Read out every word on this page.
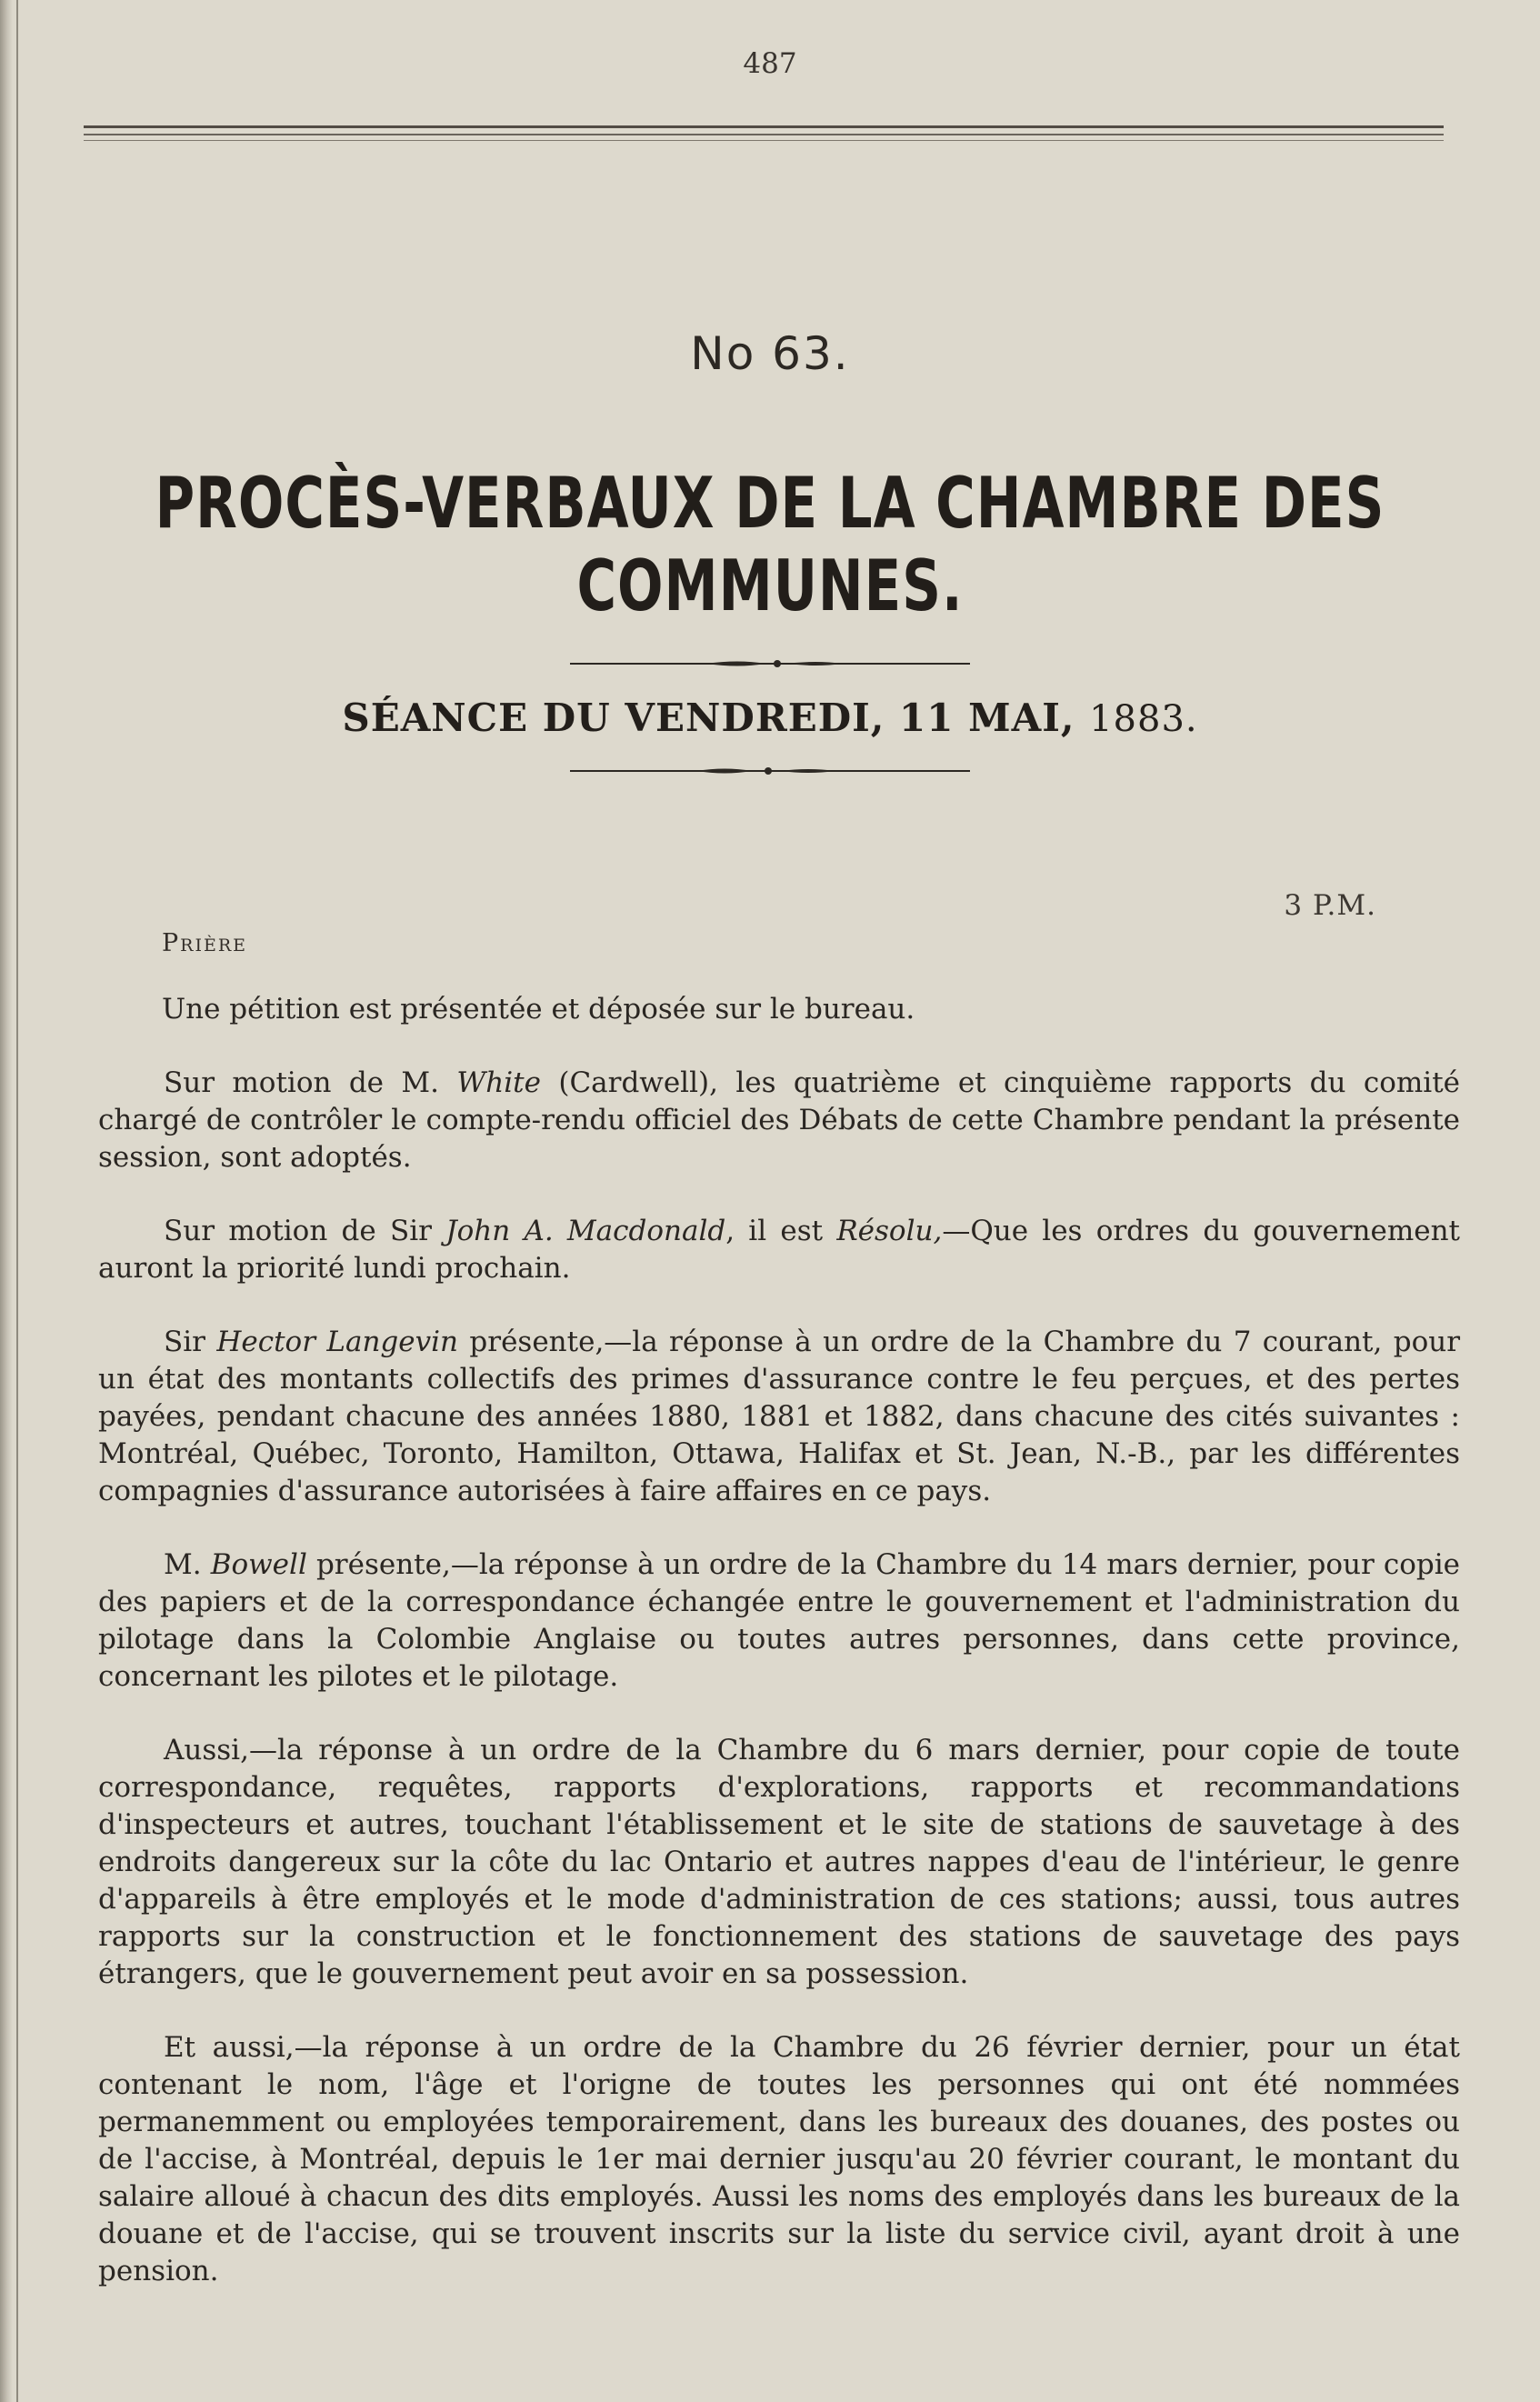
487
No 63.
PROCÈS-VERBAUX DE LA CHAMBRE DES COMMUNES.
SÉANCE DU VENDREDI, 11 MAI, 1883.
3 P.M.
Prière

Une pétition est présentée et déposée sur le bureau.

Sur motion de M. White (Cardwell), les quatrième et cinquième rapports du comité chargé de contrôler le compte-rendu officiel des Débats de cette Chambre pendant la présente session, sont adoptés.

Sur motion de Sir John A. Macdonald, il est Résolu,—Que les ordres du gouvernement auront la priorité lundi prochain.

Sir Hector Langevin présente,—la réponse à un ordre de la Chambre du 7 courant, pour un état des montants collectifs des primes d'assurance contre le feu perçues, et des pertes payées, pendant chacune des années 1880, 1881 et 1882, dans chacune des cités suivantes : Montréal, Québec, Toronto, Hamilton, Ottawa, Halifax et St. Jean, N.-B., par les différentes compagnies d'assurance autorisées à faire affaires en ce pays.

M. Bowell présente,—la réponse à un ordre de la Chambre du 14 mars dernier, pour copie des papiers et de la correspondance échangée entre le gouvernement et l'administration du pilotage dans la Colombie Anglaise ou toutes autres personnes, dans cette province, concernant les pilotes et le pilotage.

Aussi,—la réponse à un ordre de la Chambre du 6 mars dernier, pour copie de toute correspondance, requêtes, rapports d'explorations, rapports et recommandations d'inspecteurs et autres, touchant l'établissement et le site de stations de sauvetage à des endroits dangereux sur la côte du lac Ontario et autres nappes d'eau de l'intérieur, le genre d'appareils à être employés et le mode d'administration de ces stations; aussi, tous autres rapports sur la construction et le fonctionnement des stations de sauvetage des pays étrangers, que le gouvernement peut avoir en sa possession.

Et aussi,—la réponse à un ordre de la Chambre du 26 février dernier, pour un état contenant le nom, l'âge et l'origne de toutes les personnes qui ont été nommées permanemment ou employées temporairement, dans les bureaux des douanes, des postes ou de l'accise, à Montréal, depuis le 1er mai dernier jusqu'au 20 février courant, le montant du salaire alloué à chacun des dits employés. Aussi les noms des employés dans les bureaux de la douane et de l'accise, qui se trouvent inscrits sur la liste du service civil, ayant droit à une pension.
